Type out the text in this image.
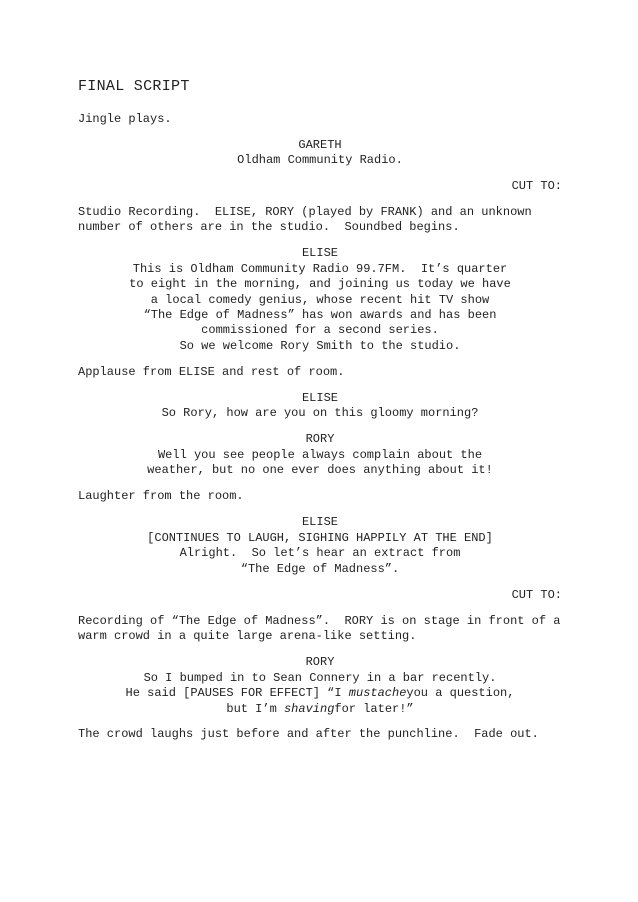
FINAL SCRIPT
Jingle plays.
GARETH
Oldham Community Radio.
CUT TO:
Studio Recording.  ELISE, RORY (played by FRANK) and an unknown
number of others are in the studio.  Soundbed begins.
ELISE
This is Oldham Community Radio 99.7FM.  It’s quarter
to eight in the morning, and joining us today we have
a local comedy genius, whose recent hit TV show
“The Edge of Madness” has won awards and has been
commissioned for a second series.
So we welcome Rory Smith to the studio.
Applause from ELISE and rest of room.
ELISE
So Rory, how are you on this gloomy morning?
RORY
Well you see people always complain about the
weather, but no one ever does anything about it!
Laughter from the room.
ELISE
[CONTINUES TO LAUGH, SIGHING HAPPILY AT THE END]
Alright.  So let’s hear an extract from
“The Edge of Madness”.
CUT TO:
Recording of “The Edge of Madness”.  RORY is on stage in front of a
warm crowd in a quite large arena-like setting.
RORY
So I bumped in to Sean Connery in a bar recently.
He said [PAUSES FOR EFFECT] “I mustacheyou a question,
but I’m shavingfor later!”
The crowd laughs just before and after the punchline.  Fade out.
